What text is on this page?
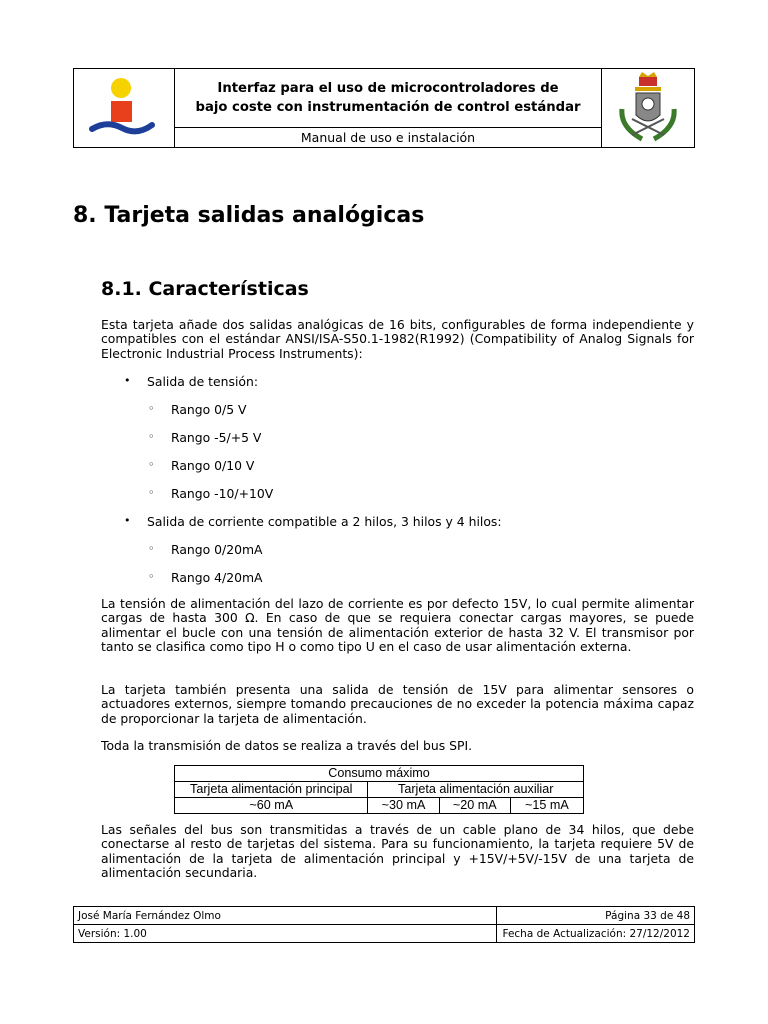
Interfaz para el uso de microcontroladores de
bajo coste con instrumentación de control estándar
Manual de uso e instalación
8. Tarjeta salidas analógicas
8.1. Características

Esta tarjeta añade dos salidas analógicas de 16 bits, configurables de forma independiente y compatibles con el estándar ANSI/ISA-S50.1-1982(R1992) (Compatibility of Analog Signals for Electronic Industrial Process Instruments):

• Salida de tensión:
◦ Rango 0/5 V
◦ Rango -5/+5 V
◦ Rango 0/10 V
◦ Rango -10/+10V
• Salida de corriente compatible a 2 hilos, 3 hilos y 4 hilos:
◦ Rango 0/20mA
◦ Rango 4/20mA

La tensión de alimentación del lazo de corriente es por defecto 15V, lo cual permite alimentar cargas de hasta 300 Ω. En caso de que se requiera conectar cargas mayores, se puede alimentar el bucle con una tensión de alimentación exterior de hasta 32 V. El transmisor por tanto se clasifica como tipo H o como tipo U en el caso de usar alimentación externa.

La tarjeta también presenta una salida de tensión de 15V para alimentar sensores o actuadores externos, siempre tomando precauciones de no exceder la potencia máxima capaz de proporcionar la tarjeta de alimentación.

Toda la transmisión de datos se realiza a través del bus SPI.

Consumo máximo			
Tarjeta alimentación principal	Tarjeta alimentación auxiliar		
~60 mA	~30 mA	~20 mA	~15 mA

Las señales del bus son transmitidas a través de un cable plano de 34 hilos, que debe conectarse al resto de tarjetas del sistema. Para su funcionamiento, la tarjeta requiere 5V de alimentación de la tarjeta de alimentación principal y +15V/+5V/-15V de una tarjeta de alimentación secundaria.

José María Fernández Olmo	Página 33 de 48
Versión: 1.00	Fecha de Actualización: 27/12/2012
